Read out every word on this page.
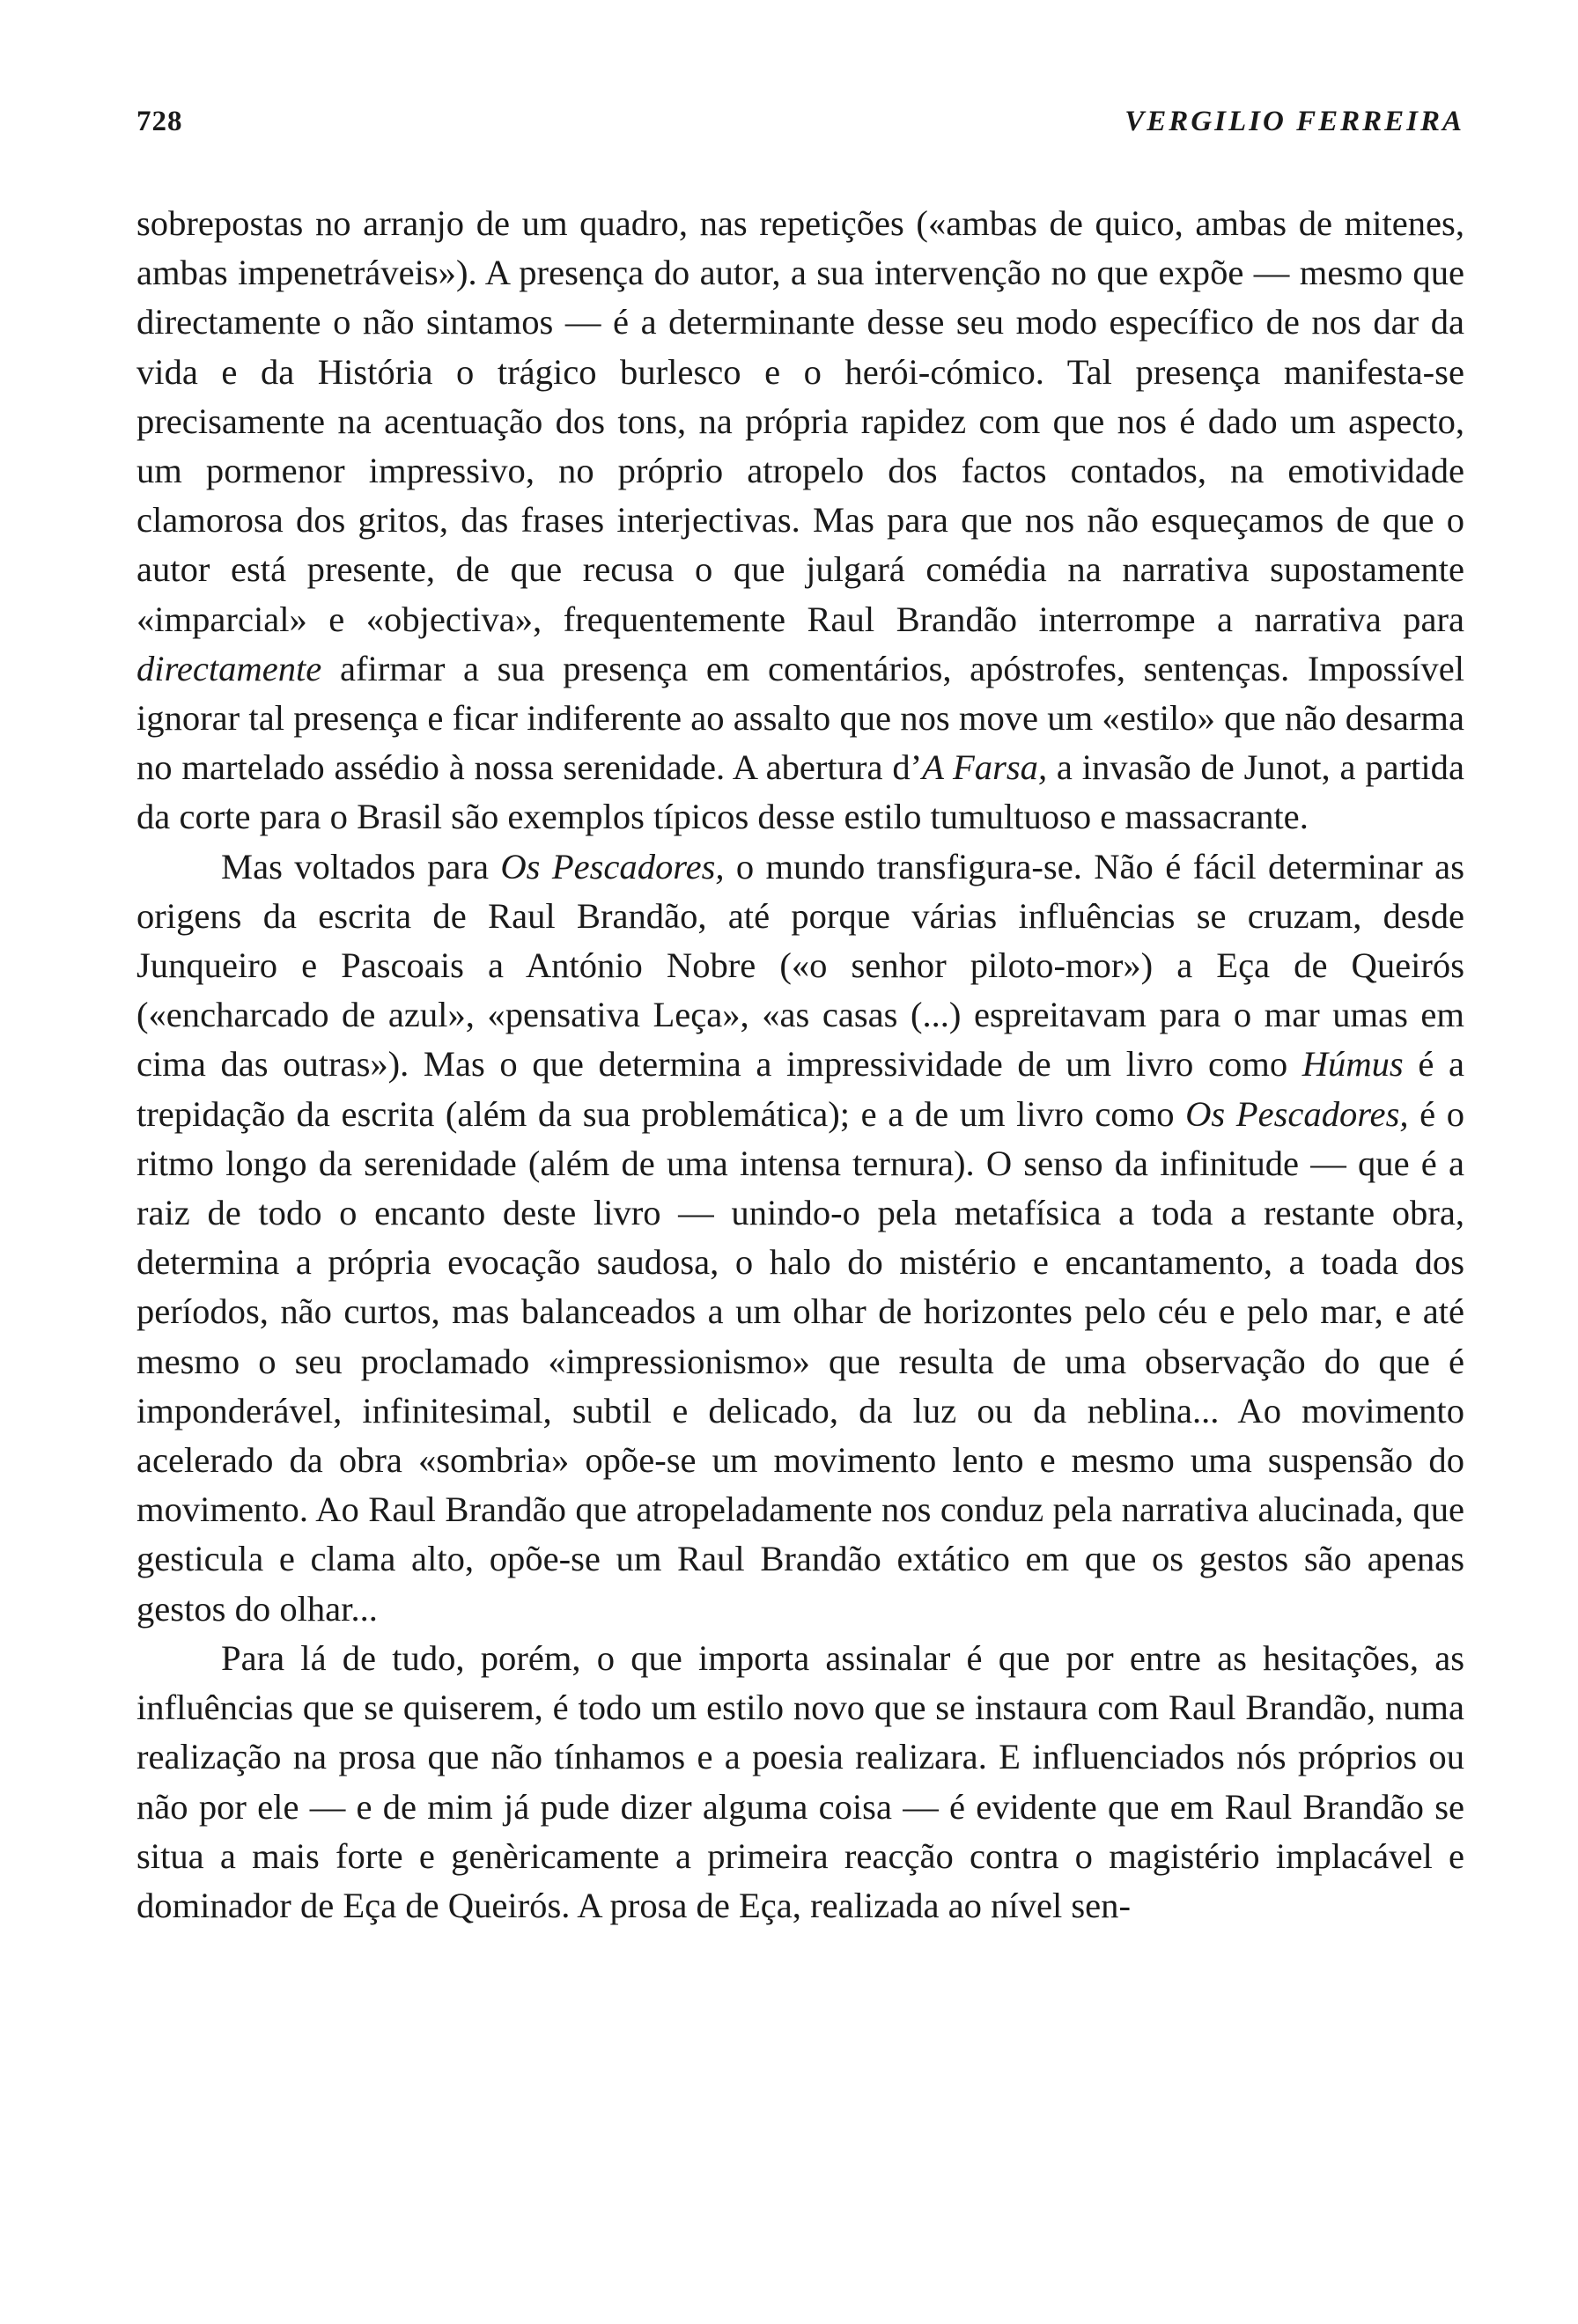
728	VERGILIO FERREIRA

sobrepostas no arranjo de um quadro, nas repetições («ambas de quico, ambas de mitenes, ambas impenetráveis»). A presença do autor, a sua intervenção no que expõe — mesmo que directamente o não sintamos — é a determinante desse seu modo específico de nos dar da vida e da História o trágico burlesco e o herói-cómico. Tal presença manifesta-se precisamente na acentuação dos tons, na própria rapidez com que nos é dado um aspecto, um pormenor impressivo, no próprio atropelo dos factos contados, na emotividade clamorosa dos gritos, das frases interjectivas. Mas para que nos não esqueçamos de que o autor está presente, de que recusa o que julgará comédia na narrativa supostamente «imparcial» e «objectiva», frequentemente Raul Brandão interrompe a narrativa para directamente afirmar a sua presença em comentários, apóstrofes, sentenças. Impossível ignorar tal presença e ficar indiferente ao assalto que nos move um «estilo» que não desarma no martelado assédio à nossa serenidade. A abertura d’A Farsa, a invasão de Junot, a partida da corte para o Brasil são exemplos típicos desse estilo tumultuoso e massacrante.

Mas voltados para Os Pescadores, o mundo transfigura-se. Não é fácil determinar as origens da escrita de Raul Brandão, até porque várias influências se cruzam, desde Junqueiro e Pascoais a António Nobre («o senhor piloto-mor») a Eça de Queirós («encharcado de azul», «pensativa Leça», «as casas (...) espreitavam para o mar umas em cima das outras»). Mas o que determina a impressividade de um livro como Húmus é a trepidação da escrita (além da sua problemática); e a de um livro como Os Pescadores, é o ritmo longo da serenidade (além de uma intensa ternura). O senso da infinitude — que é a raiz de todo o encanto deste livro — unindo-o pela metafísica a toda a restante obra, determina a própria evocação saudosa, o halo do mistério e encantamento, a toada dos períodos, não curtos, mas balanceados a um olhar de horizontes pelo céu e pelo mar, e até mesmo o seu proclamado «impressionismo» que resulta de uma observação do que é imponderável, infinitesimal, subtil e delicado, da luz ou da neblina... Ao movimento acelerado da obra «sombria» opõe-se um movimento lento e mesmo uma suspensão do movimento. Ao Raul Brandão que atropeladamente nos conduz pela narrativa alucinada, que gesticula e clama alto, opõe-se um Raul Brandão extático em que os gestos são apenas gestos do olhar...

Para lá de tudo, porém, o que importa assinalar é que por entre as hesitações, as influências que se quiserem, é todo um estilo novo que se instaura com Raul Brandão, numa realização na prosa que não tínhamos e a poesia realizara. E influenciados nós próprios ou não por ele — e de mim já pude dizer alguma coisa — é evidente que em Raul Brandão se situa a mais forte e genèricamente a primeira reacção contra o magistério implacável e dominador de Eça de Queirós. A prosa de Eça, realizada ao nível sen-
